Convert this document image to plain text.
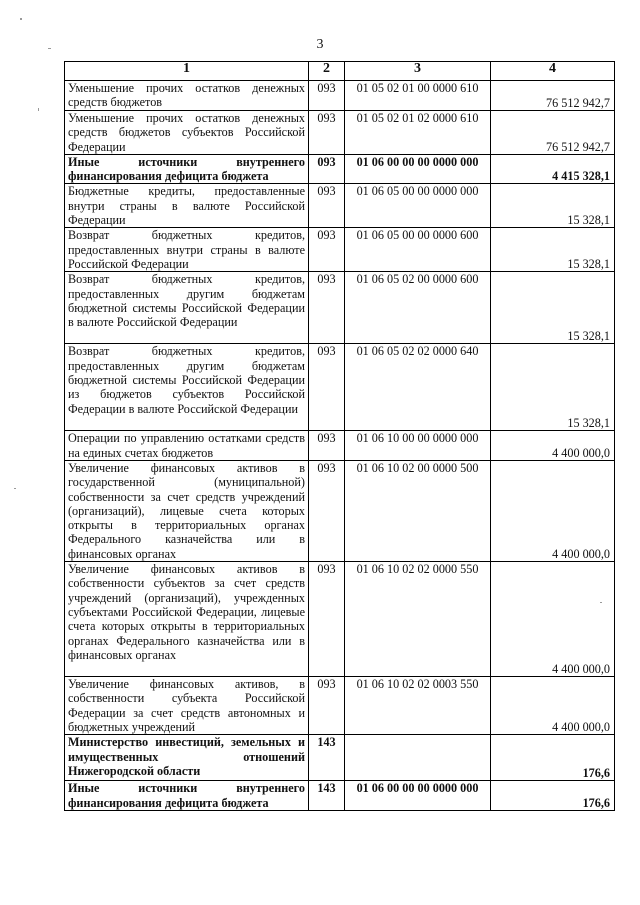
3
1	2	3	4
Уменьшение прочих остатков денежных средств бюджетов	093	01 05 02 01 00 0000 610	76 512 942,7
Уменьшение прочих остатков денежных средств бюджетов субъектов Российской Федерации	093	01 05 02 01 02 0000 610	76 512 942,7
Иные источники внутреннего финансирования дефицита бюджета	093	01 06 00 00 00 0000 000	4 415 328,1
Бюджетные кредиты, предоставленные внутри страны в валюте Российской Федерации	093	01 06 05 00 00 0000 000	15 328,1
Возврат бюджетных кредитов, предоставленных внутри страны в валюте Российской Федерации	093	01 06 05 00 00 0000 600	15 328,1
Возврат бюджетных кредитов, предоставленных другим бюджетам бюджетной системы Российской Федерации в валюте Российской Федерации	093	01 06 05 02 00 0000 600	15 328,1
Возврат бюджетных кредитов, предоставленных другим бюджетам бюджетной системы Российской Федерации из бюджетов субъектов Российской Федерации в валюте Российской Федерации	093	01 06 05 02 02 0000 640	15 328,1
Операции по управлению остатками средств на единых счетах бюджетов	093	01 06 10 00 00 0000 000	4 400 000,0
Увеличение финансовых активов в государственной (муниципальной) собственности за счет средств учреждений (организаций), лицевые счета которых открыты в территориальных органах Федерального казначейства или в финансовых органах	093	01 06 10 02 00 0000 500	4 400 000,0
Увеличение финансовых активов в собственности субъектов за счет средств учреждений (организаций), учрежденных субъектами Российской Федерации, лицевые счета которых открыты в территориальных органах Федерального казначейства или в финансовых органах	093	01 06 10 02 02 0000 550	4 400 000,0
Увеличение финансовых активов, в собственности субъекта Российской Федерации за счет средств автономных и бюджетных учреждений	093	01 06 10 02 02 0003 550	4 400 000,0
Министерство инвестиций, земельных и имущественных отношений Нижегородской области	143		176,6
Иные источники внутреннего финансирования дефицита бюджета	143	01 06 00 00 00 0000 000	176,6
